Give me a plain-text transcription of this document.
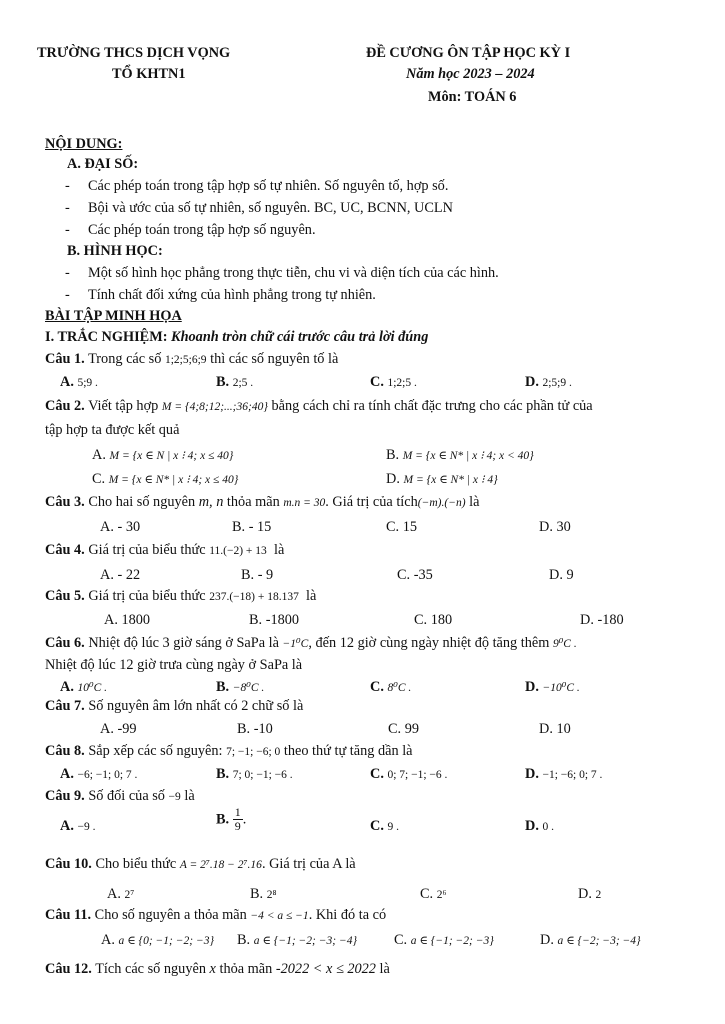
TRƯỜNG THCS DỊCH VỌNG
TỔ KHTN1
ĐỀ CƯƠNG ÔN TẬP HỌC KỲ I
Năm học 2023 – 2024
Môn: TOÁN 6
NỘI DUNG:
A. ĐẠI SỐ:
- Các phép toán trong tập hợp số tự nhiên. Số nguyên tố, hợp số.
- Bội và ước của số tự nhiên, số nguyên. BC, UC, BCNN, UCLN
- Các phép toán trong tập hợp số nguyên.
B. HÌNH HỌC:
- Một số hình học phẳng trong thực tiễn, chu vi và diện tích của các hình.
- Tính chất đối xứng của hình phẳng trong tự nhiên.
BÀI TẬP MINH HỌA
I. TRẮC NGHIỆM: Khoanh tròn chữ cái trước câu trả lời đúng
Câu 1. Trong các số 1;2;5;6;9 thì các số nguyên tố là
A. 5;9 .	B. 2;5 .	C. 1;2;5 .	D. 2;5;9 .
Câu 2. Viết tập hợp M = {4;8;12;...;36;40} bằng cách chỉ ra tính chất đặc trưng cho các phần tử của
tập hợp ta được kết quả
A. M = {x ∈ N | x ⁝ 4; x ≤ 40}	B. M = {x ∈ N* | x ⁝ 4; x < 40}
C. M = {x ∈ N* | x ⁝ 4; x ≤ 40}	D. M = {x ∈ N* | x ⁝ 4}
Câu 3. Cho hai số nguyên m, n thỏa mãn m.n = 30. Giá trị của tích(−m).(−n) là
A. - 30	B. - 15	C. 15	D. 30
Câu 4. Giá trị của biểu thức 11.(−2) + 13 là
A. - 22	B. - 9	C. -35	D. 9
Câu 5. Giá trị của biểu thức 237.(−18) + 18.137 là
A. 1800	B. -1800	C. 180	D. -180
Câu 6. Nhiệt độ lúc 3 giờ sáng ở SaPa là −1⁰C, đến 12 giờ cùng ngày nhiệt độ tăng thêm 9⁰C .
Nhiệt độ lúc 12 giờ trưa cùng ngày ở SaPa là
A. 10⁰C .	B. −8⁰C .	C. 8⁰C .	D. −10⁰C .
Câu 7. Số nguyên âm lớn nhất có 2 chữ số là
A. -99	B. -10	C. 99	D. 10
Câu 8. Sắp xếp các số nguyên: 7; −1; −6; 0 theo thứ tự tăng dần là
A. −6; −1; 0; 7 .	B. 7; 0; −1; −6 .	C. 0; 7; −1; −6 .	D. −1; −6; 0; 7 .
Câu 9. Số đối của số −9 là
A. −9 .	B. $\frac{1}{9}$ .	C. 9 .	D. 0 .
Câu 10. Cho biểu thức A = 2⁷.18 − 2⁷.16. Giá trị của A là
A. 2⁷	B. 2⁸	C. 2⁶	D. 2
Câu 11. Cho số nguyên a thỏa mãn −4 < a ≤ −1. Khi đó ta có
A. a ∈ {0; −1; −2; −3} B. a ∈ {−1; −2; −3; −4}	C. a ∈ {−1; −2; −3}	D. a ∈ {−2; −3; −4}
Câu 12. Tích các số nguyên x thỏa mãn -2022 < x ≤ 2022 là
